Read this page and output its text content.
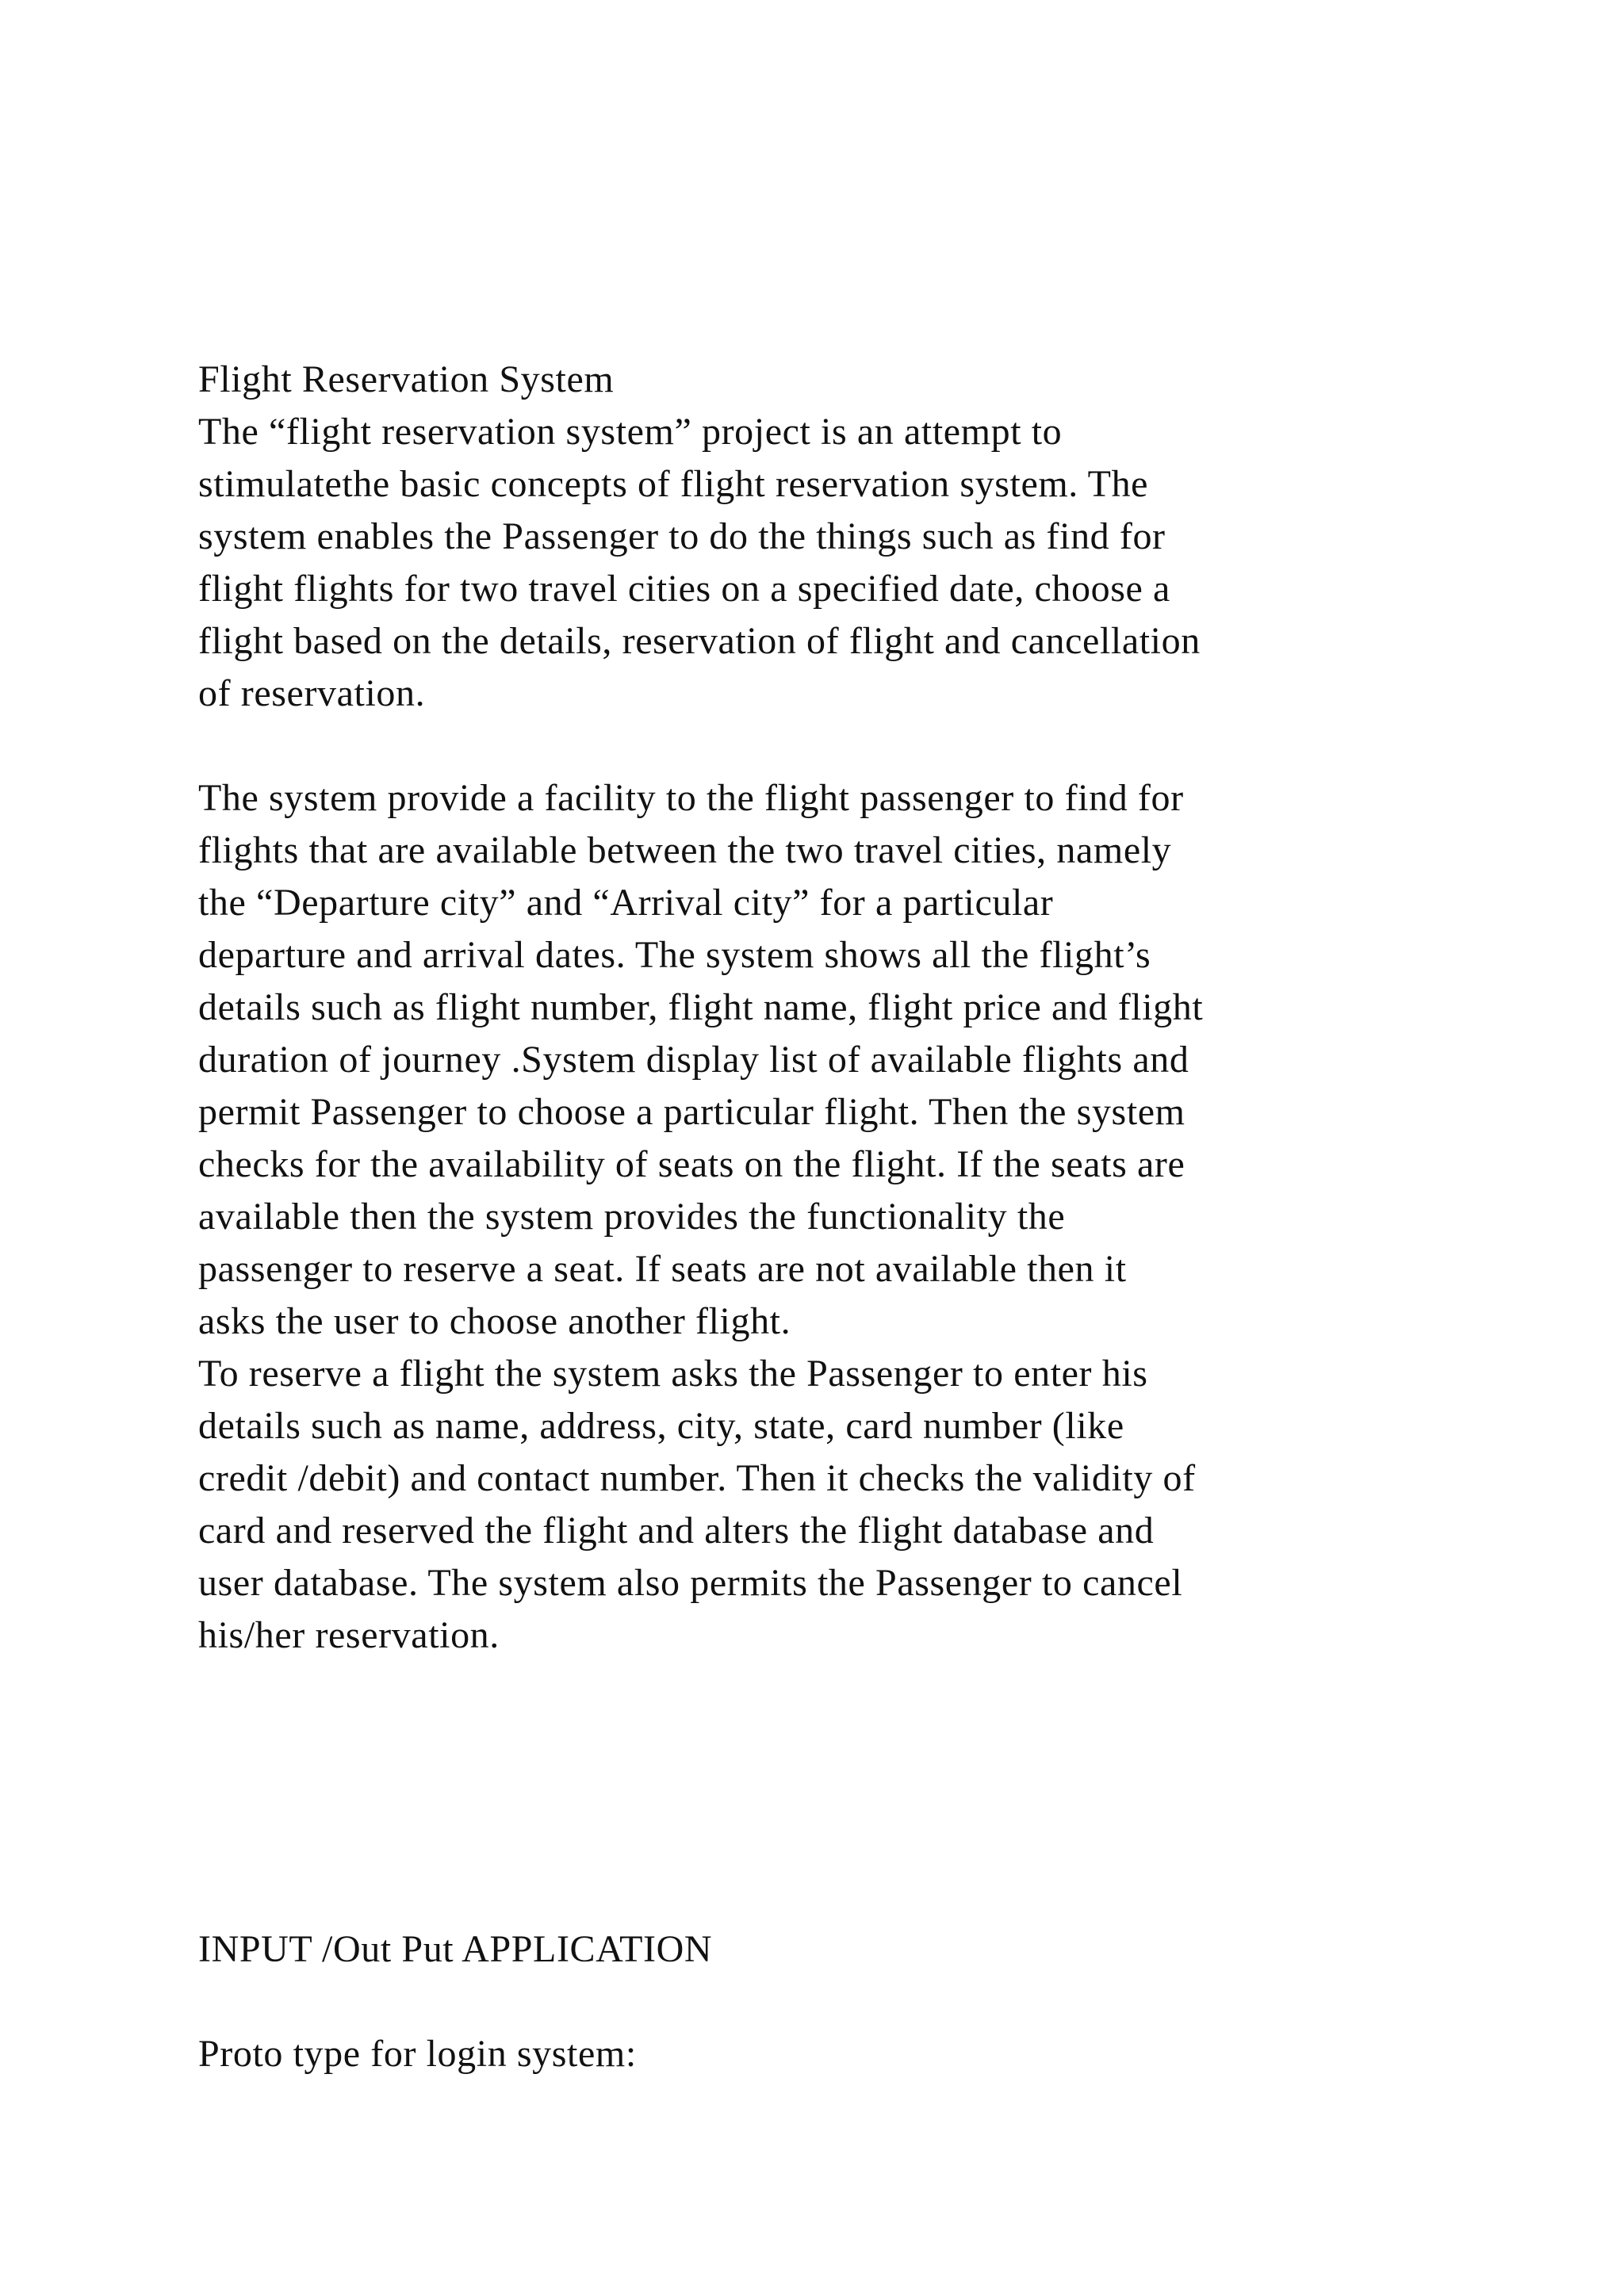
Flight Reservation System

The “flight reservation system” project is an attempt to

stimulatethe basic concepts of flight reservation system. The

system enables the Passenger to do the things such as find for

flight flights for two travel cities on a specified date, choose a

flight based on the details, reservation of flight and cancellation

of reservation.

The system provide a facility to the flight passenger to find for

flights that are available between the two travel cities, namely

the “Departure city” and “Arrival city” for a particular

departure and arrival dates. The system shows all the flight’s

details such as flight number, flight name, flight price and flight

duration of journey .System display list of available flights and

permit Passenger to choose a particular flight. Then the system

checks for the availability of seats on the flight. If the seats are

available then the system provides the functionality the

passenger to reserve a seat. If seats are not available then it

asks the user to choose another flight.

To reserve a flight the system asks the Passenger to enter his

details such as name, address, city, state, card number (like

credit /debit) and contact number. Then it checks the validity of

card and reserved the flight and alters the flight database and

user database. The system also permits the Passenger to cancel

his/her reservation.

INPUT /Out Put APPLICATION

Proto type for login system:
